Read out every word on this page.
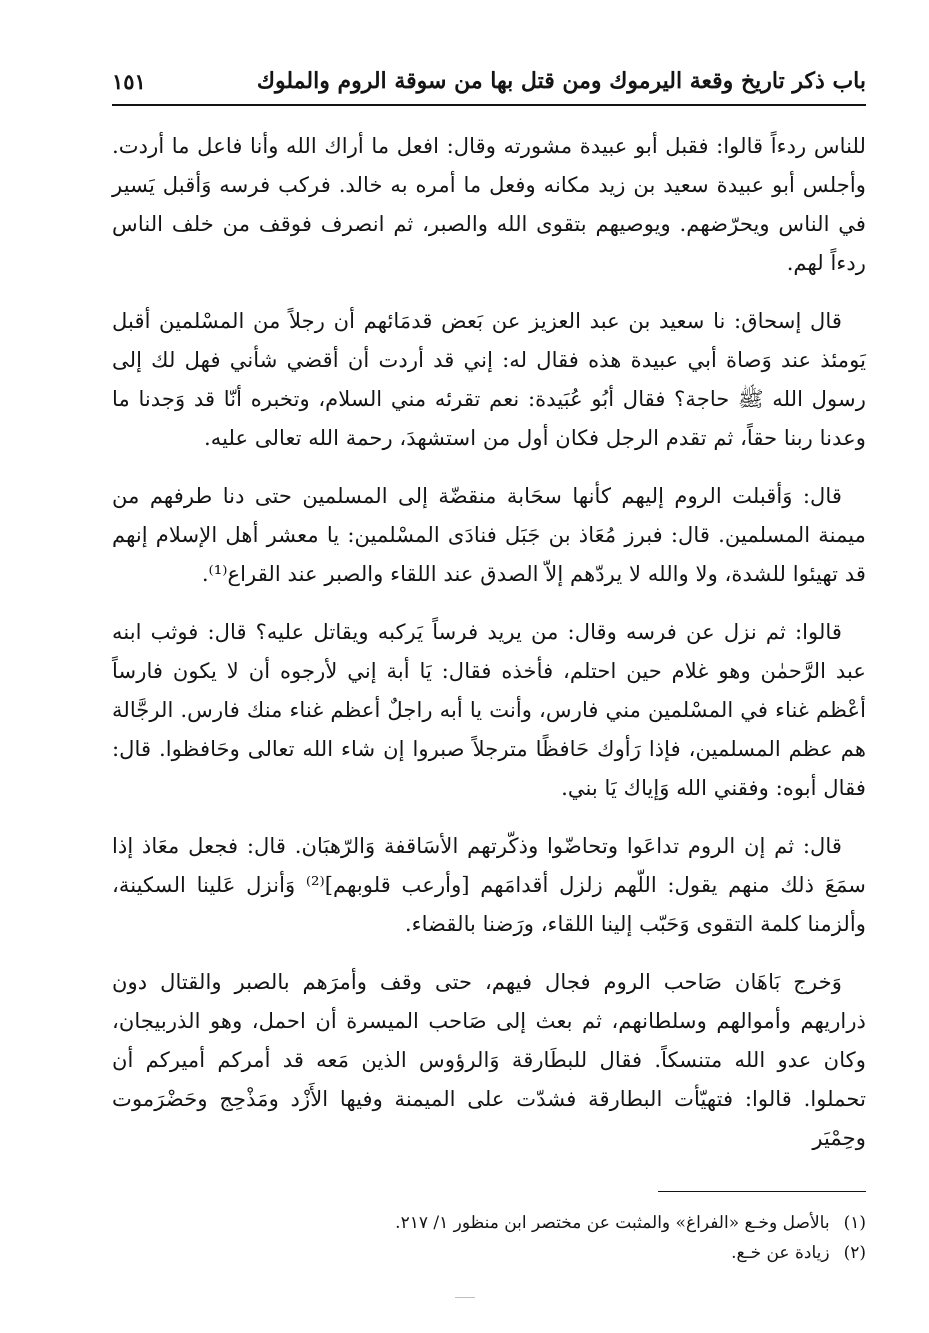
باب ذكر تاريخ وقعة اليرموك ومن قتل بها من سوقة الروم والملوك
١٥١

للناس ردءاً قالوا: فقبل أبو عبيدة مشورته وقال: افعل ما أراك الله وأنا فاعل ما أردت. وأجلس أبو عبيدة سعيد بن زيد مكانه وفعل ما أمره به خالد. فركب فرسه وَأقبل يَسير في الناس ويحرّضهم. ويوصيهم بتقوى الله والصبر، ثم انصرف فوقف من خلف الناس ردءاً لهم.

قال إسحاق: نا سعيد بن عبد العزيز عن بَعض قدمَائهم أن رجلاً من المسْلمين أقبل يَومئذ عند وَصاة أبي عبيدة هذه فقال له: إني قد أردت أن أقضي شأني فهل لك إلى رسول الله ﷺ حاجة؟ فقال أبُو عُبَيدة: نعم تقرئه مني السلام، وتخبره أنّا قد وَجدنا ما وعدنا ربنا حقاً، ثم تقدم الرجل فكان أول من استشهدَ، رحمة الله تعالى عليه.

قال: وَأقبلت الروم إليهم كأنها سحَابة منقضّة إلى المسلمين حتى دنا طرفهم من ميمنة المسلمين. قال: فبرز مُعَاذ بن جَبَل فنادَى المسْلمين: يا معشر أهل الإسلام إنهم قد تهيئوا للشدة، ولا والله لا يردّهم إلاّ الصدق عند اللقاء والصبر عند القراع⁽¹⁾.

قالوا: ثم نزل عن فرسه وقال: من يريد فرساً يَركبه ويقاتل عليه؟ قال: فوثب ابنه عبد الرَّحمٰن وهو غلام حين احتلم، فأخذه فقال: يَا أبة إني لأرجوه أن لا يكون فارساً أعْظم غناء في المسْلمين مني فارس، وأنت يا أبه راجلٌ أعظم غناء منك فارس. الرجَّالة هم عظم المسلمين، فإذا رَأوك حَافظًا مترجلاً صبروا إن شاء الله تعالى وحَافظوا. قال: فقال أبوه: وفقني الله وَإياك يَا بني.

قال: ثم إن الروم تداعَوا وتحاضّوا وذكّرتهم الأسَاقفة وَالرّهبَان. قال: فجعل معَاذ إذا سمَعَ ذلك منهم يقول: اللّهم زلزل أقدامَهم [وأرعب قلوبهم]⁽²⁾ وَأنزل عَلينا السكينة، وألزمنا كلمة التقوى وَحَبّب إلينا اللقاء، ورَضنا بالقضاء.

وَخرج بَاهَان صَاحب الروم فجال فيهم، حتى وقف وأمرَهم بالصبر والقتال دون ذراريهم وأموالهم وسلطانهم، ثم بعث إلى صَاحب الميسرة أن احمل، وهو الذربيجان، وكان عدو الله متنسكاً. فقال للبطَارقة وَالرؤوس الذين مَعه قد أمركم أميركم أن تحملوا. قالوا: فتهيّأت البطارقة فشدّت على الميمنة وفيها الأَزْد ومَذْحِج وحَضْرَموت وحِمْيَر

(١)بالأصل وخـع «الفراغ» والمثبت عن مختصر ابن منظور ١/ ٢١٧.

(٢)زيادة عن خـع.
